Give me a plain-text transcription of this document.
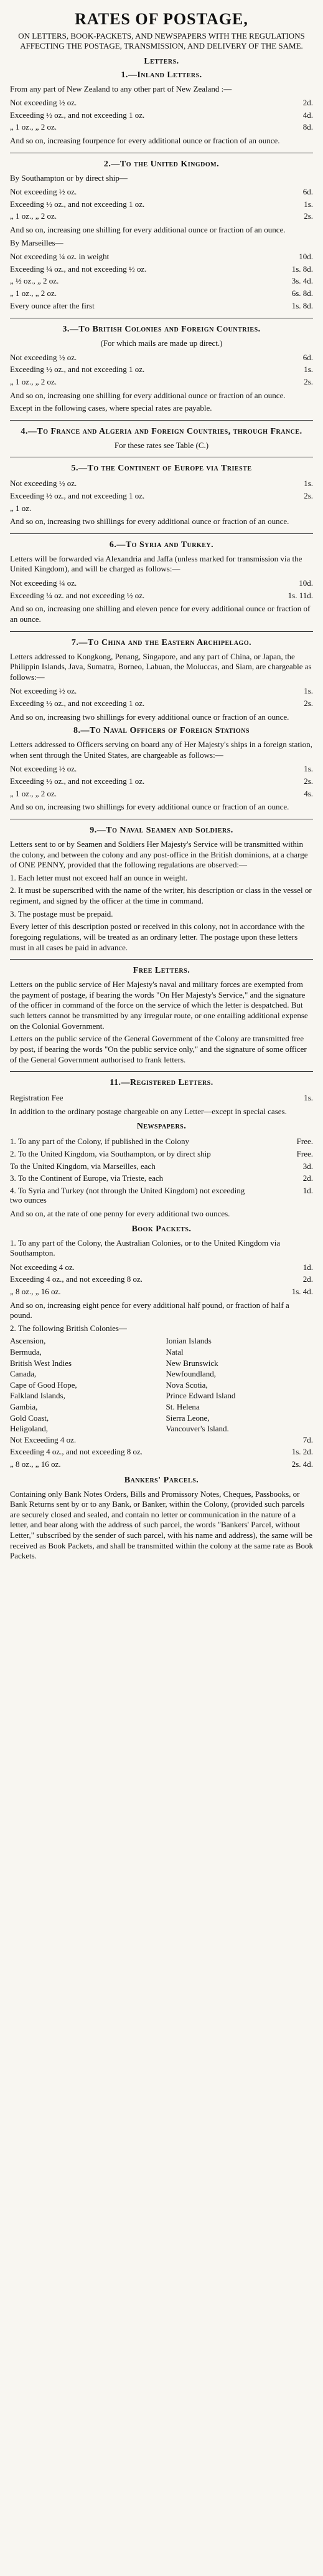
RATES OF POSTAGE,
ON LETTERS, BOOK-PACKETS, AND NEWSPAPERS WITH THE REGULATIONS AFFECTING THE POSTAGE, TRANSMISSION, AND DELIVERY OF THE SAME.
Letters.
1.—Inland Letters.
From any part of New Zealand to any other part of New Zealand :—
Not exceeding ½ oz.	2d.
Exceeding ½ oz., and not exceeding 1 oz.	4d.
„ 1 oz., „ 2 oz.	8d.
And so on, increasing fourpence for every additional ounce or fraction of an ounce.
2.—To the United Kingdom.
By Southampton or by direct ship—
Not exceeding ½ oz.	6d.
Exceeding ½ oz., and not exceeding 1 oz.	1s.
„ 1 oz., „ 2 oz.	2s.
And so on, increasing one shilling for every additional ounce or fraction of an ounce.
By Marseilles—
Not exceeding ¼ oz. in weight	10d.
Exceeding ¼ oz., and not exceeding ½ oz.	1s. 8d.
„ ½ oz., „ 2 oz.	3s. 4d.
„ 1 oz., „ 2 oz.	6s. 8d.
Every ounce after the first	1s. 8d.
3.—To British Colonies and Foreign Countries.
(For which mails are made up direct.)
Not exceeding ½ oz.	6d.
Exceeding ½ oz., and not exceeding 1 oz.	1s.
„ 1 oz., „ 2 oz.	2s.
And so on, increasing one shilling for every additional ounce or fraction of an ounce.
Except in the following cases, where special rates are payable.
4.—To France and Algeria and Foreign Countries, through France.
For these rates see Table (C.)
5.—To the Continent of Europe via Trieste
Not exceeding ½ oz.	1s.
Exceeding ½ oz., and not exceeding 1 oz.	2s.
„ 1 oz.	
And so on, increasing two shillings for every additional ounce or fraction of an ounce.
6.—To Syria and Turkey.
Letters will be forwarded via Alexandria and Jaffa (unless marked for transmission via the United Kingdom), and will be charged as follows:—
Not exceeding ¼ oz.	10d.
Exceeding ¼ oz. and not exceeding ½ oz.	1s. 11d.
And so on, increasing one shilling and eleven pence for every additional ounce or fraction of an ounce.
7.—To China and the Eastern Archipelago.
Letters addressed to Kongkong, Penang, Singapore, and any part of China, or Japan, the Philippin Islands, Java, Sumatra, Borneo, Labuan, the Moluccas, and Siam, are chargeable as follows:—
Not exceeding ½ oz.	1s.
Exceeding ½ oz., and not exceeding 1 oz.	2s.
And so on, increasing two shillings for every additional ounce or fraction of an ounce.
8.—To Naval Officers of Foreign Stations
Letters addressed to Officers serving on board any of Her Majesty's ships in a foreign station, when sent through the United States, are chargeable as follows:—
Not exceeding ½ oz.	1s.
Exceeding ½ oz., and not exceeding 1 oz.	2s.
„ 1 oz., „ 2 oz.	4s.
And so on, increasing two shillings for every additional ounce or fraction of an ounce.
9.—To Naval Seamen and Soldiers.
Letters sent to or by Seamen and Soldiers Her Majesty's Service will be transmitted within the colony, and between the colony and any post-office in the British dominions, at a charge of ONE PENNY, provided that the following regulations are observed:—
1. Each letter must not exceed half an ounce in weight.
2. It must be superscribed with the name of the writer, his description or class in the vessel or regiment, and signed by the officer at the time in command.
3. The postage must be prepaid.
Every letter of this description posted or received in this colony, not in accordance with the foregoing regulations, will be treated as an ordinary letter. The postage upon these letters must in all cases be paid in advance.
Free Letters.
Letters on the public service of Her Majesty's naval and military forces are exempted from the payment of postage, if bearing the words "On Her Majesty's Service," and the signature of the officer in command of the force on the service of which the letter is despatched. But such letters cannot be transmitted by any irregular route, or one entailing additional expense on the Colonial Government.
Letters on the public service of the General Government of the Colony are transmitted free by post, if bearing the words "On the public service only," and the signature of some officer of the General Government authorised to frank letters.
11.—Registered Letters.
Registration Fee	1s.
In addition to the ordinary postage chargeable on any Letter—except in special cases.
Newspapers.
1. To any part of the Colony, if published in the Colony	Free.
2. To the United Kingdom, via Southampton, or by direct ship	Free.
To the United Kingdom, via Marseilles, each	3d.
3. To the Continent of Europe, via Trieste, each	2d.
4. To Syria and Turkey (not through the United Kingdom) not exceeding two ounces	1d.
And so on, at the rate of one penny for every additional two ounces.
Book Packets.
1. To any part of the Colony, the Australian Colonies, or to the United Kingdom via Southampton.
Not exceeding 4 oz.	1d.
Exceeding 4 oz., and not exceeding 8 oz.	2d.
„ 8 oz., „ 16 oz.	1s. 4d.
And so on, increasing eight pence for every additional half pound, or fraction of half a pound.
2. The following British Colonies—
Ascension,	Ionian Islands
Bermuda,	Natal
British West Indies	New Brunswick
Canada,	Newfoundland,
Cape of Good Hope,	Nova Scotia,
Falkland Islands,	Prince Edward Island
Gambia,	St. Helena
Gold Coast,	Sierra Leone,
Heligoland,	Vancouver's Island.
Not Exceeding 4 oz.	7d.
Exceeding 4 oz., and not exceeding 8 oz.	1s. 2d.
„ 8 oz., „ 16 oz.	2s. 4d.
Bankers' Parcels.
Containing only Bank Notes Orders, Bills and Promissory Notes, Cheques, Passbooks, or Bank Returns sent by or to any Bank, or Banker, within the Colony, (provided such parcels are securely closed and sealed, and contain no letter or communication in the nature of a letter, and bear along with the address of such parcel, the words "Bankers' Parcel, without Letter," subscribed by the sender of such parcel, with his name and address), the same will be received as Book Packets, and shall be transmitted within the colony at the same rate as Book Packets.
